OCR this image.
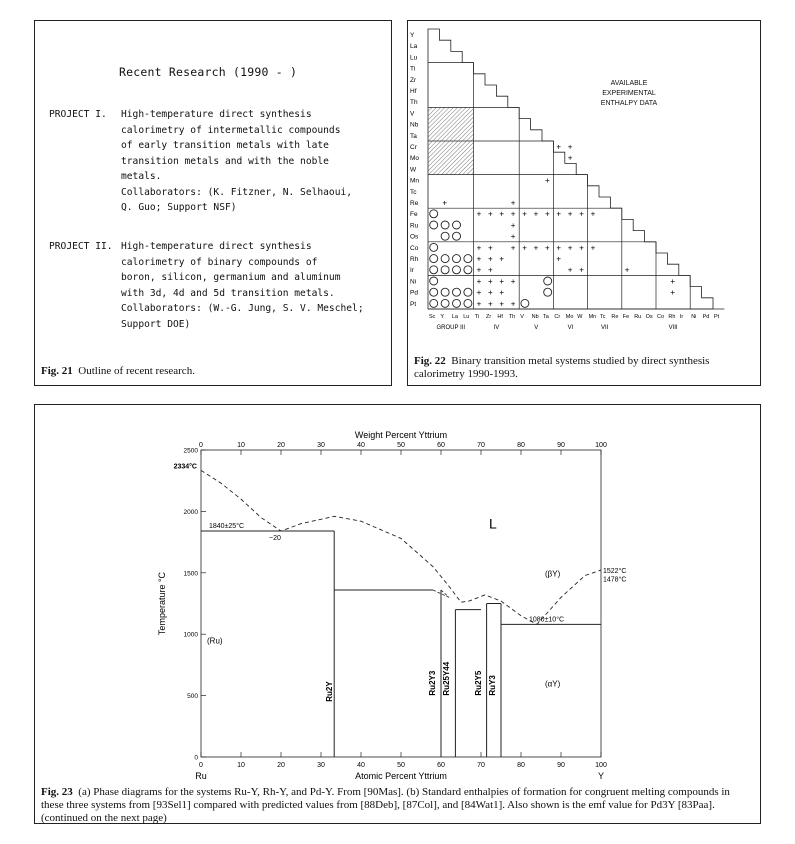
Recent Research (1990 - )
PROJECT I. High-temperature direct synthesis
calorimetry of intermetallic compounds
of early transition metals with late
transition metals and with the noble
metals.
Collaborators: (K. Fitzner, N. Selhaoui,
Q. Guo; Support NSF)
PROJECT II. High-temperature direct synthesis
calorimetry of binary compounds of
boron, silicon, germanium and aluminum
with 3d, 4d and 5d transition metals.
Collaborators: (W.-G. Jung, S. V. Meschel;
Support DOE)
Fig. 21 Outline of recent research.
Y
La
Lu
Ti
Zr
Hf
Th
V
Nb
Ta
Cr
Mo
W
Mn
Tc
Re
Fe
Ru
Os
Co
Rh
Ir
Ni
Pd
Pt
+	+
+ + + + + + + + + + +
+
+
+ + + + + + + + + +
+ + +	+
+ +	+ +
+ + + +	+
+ + +	+
+ + + +
+ +
+
+
+
Sc Y La Lu Ti Zr Hf Th V Nb Ta Cr Mo W Mn Tc Re Fe Ru Os Co Rh Ir Ni Pd Pt
GROUP III	IV	V	VI	VII	VIII
AVAILABLE
EXPERIMENTAL
ENTHALPY DATA
Fig. 22 Binary transition metal systems studied by direct synthesis calorimetry 1990-1993.
0	10	20	30	40	50	60	70	80	90	100
0	10	20	30	40	50	60	70	80	90	100
0
500
1000
1500
2000
2500
Weight Percent Yttrium
Atomic Percent Yttrium
Temperature °C
Ru	Y
2334°C
1840±25°C
~20
1522°C
1478°C
1080±10°C
(βY)
(Ru)
(αY)
L
Ru2Y	Ru2Y3 Ru25Y44	Ru2Y5 RuY3
Fig. 23 (a) Phase diagrams for the systems Ru-Y, Rh-Y, and Pd-Y. From [90Mas]. (b) Standard enthalpies of formation for congruent melting compounds in these three systems from [93Sel1] compared with predicted values from [88Deb], [87Col], and [84Wat1]. Also shown is the emf value for Pd3Y [83Paa]. (continued on the next page)
